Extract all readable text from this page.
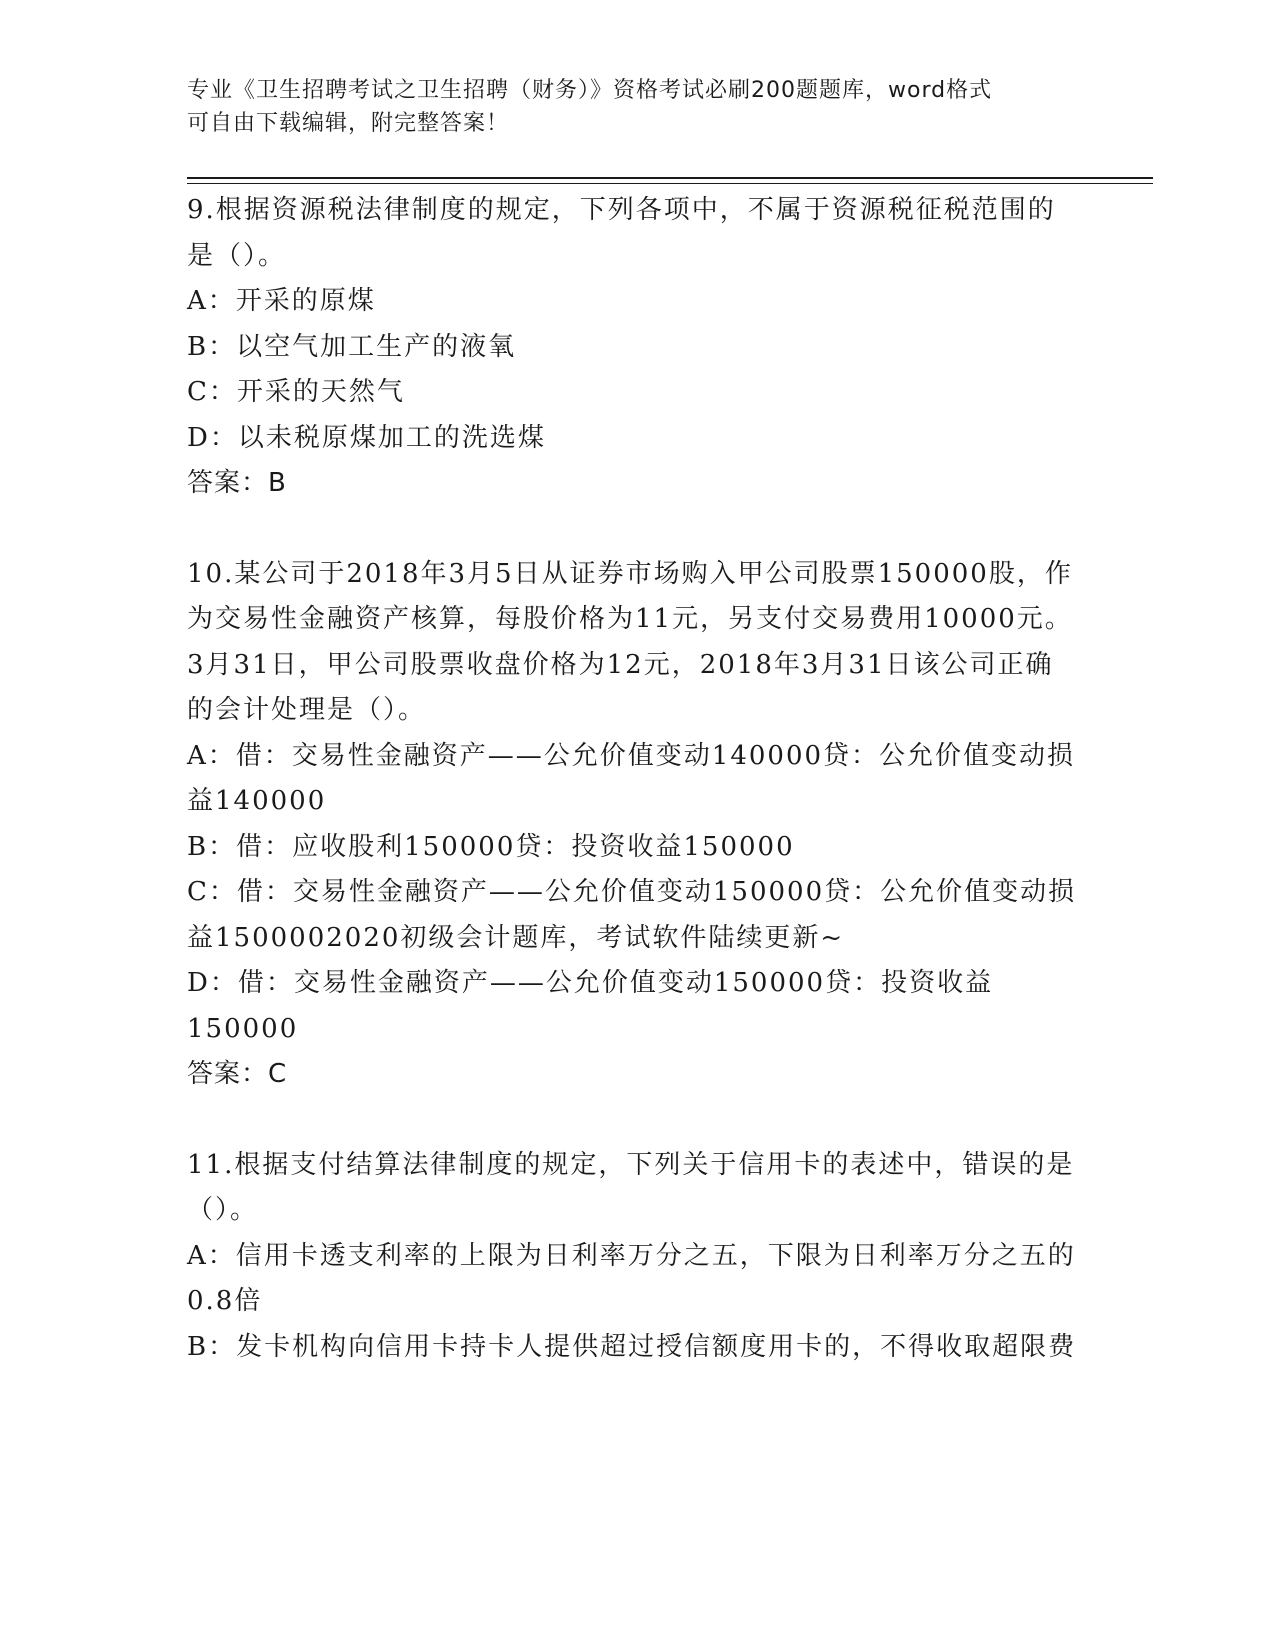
专业《卫生招聘考试之卫生招聘（财务）》资格考试必刷200题题库，word格式
可自由下载编辑，附完整答案！
9.根据资源税法律制度的规定，下列各项中，不属于资源税征税范围的是（）。
A：开采的原煤
B：以空气加工生产的液氧
C：开采的天然气
D：以未税原煤加工的洗选煤
答案：B
10.某公司于2018年3月5日从证券市场购入甲公司股票150000股，作为交易性金融资产核算，每股价格为11元，另支付交易费用10000元。3月31日，甲公司股票收盘价格为12元，2018年3月31日该公司正确的会计处理是（）。
A：借：交易性金融资产——公允价值变动140000贷：公允价值变动损益140000
B：借：应收股利150000贷：投资收益150000
C：借：交易性金融资产——公允价值变动150000贷：公允价值变动损益1500002020初级会计题库，考试软件陆续更新~
D：借：交易性金融资产——公允价值变动150000贷：投资收益150000
答案：C
11.根据支付结算法律制度的规定，下列关于信用卡的表述中，错误的是（）。
A：信用卡透支利率的上限为日利率万分之五，下限为日利率万分之五的0.8倍
B：发卡机构向信用卡持卡人提供超过授信额度用卡的，不得收取超限费
